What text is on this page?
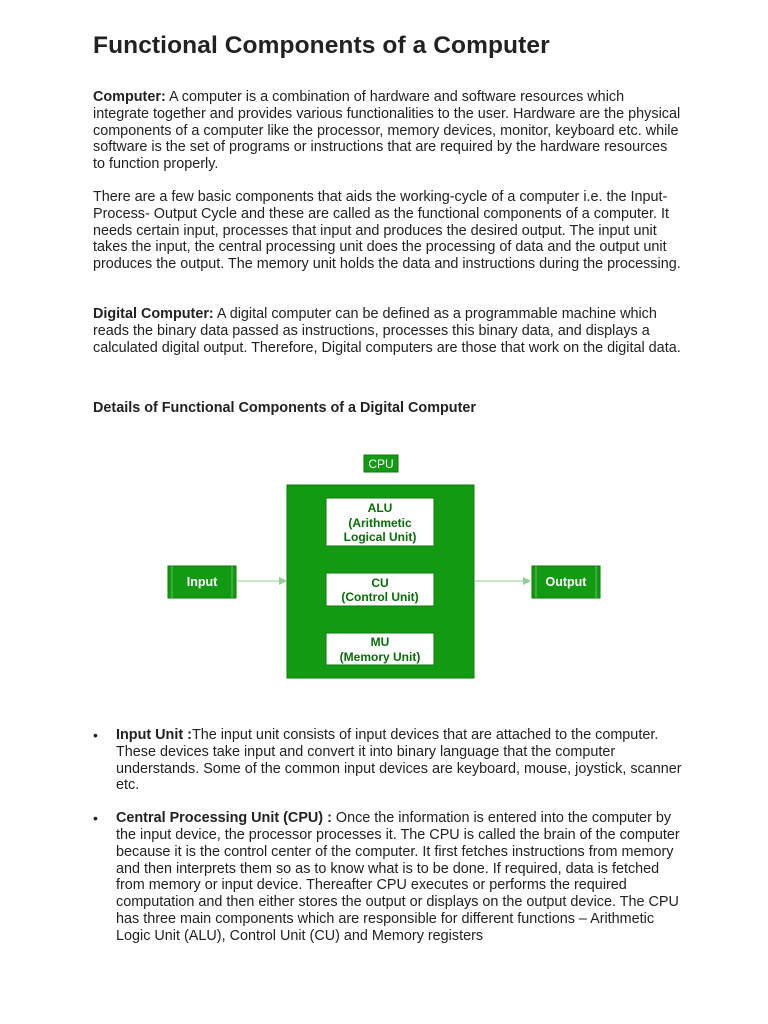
Functional Components of a Computer

Computer: A computer is a combination of hardware and software resources which integrate together and provides various functionalities to the user. Hardware are the physical components of a computer like the processor, memory devices, monitor, keyboard etc. while software is the set of programs or instructions that are required by the hardware resources to function properly.

There are a few basic components that aids the working-cycle of a computer i.e. the Input- Process- Output Cycle and these are called as the functional components of a computer. It needs certain input, processes that input and produces the desired output. The input unit takes the input, the central processing unit does the processing of data and the output unit produces the output. The memory unit holds the data and instructions during the processing.

Digital Computer: A digital computer can be defined as a programmable machine which reads the binary data passed as instructions, processes this binary data, and displays a calculated digital output. Therefore, Digital computers are those that work on the digital data.

Details of Functional Components of a Digital Computer
CPU
ALU
(Arithmetic
Logical Unit)
CU
(Control Unit)
MU
(Memory Unit)
Input	Output
• Input Unit :The input unit consists of input devices that are attached to the computer. These devices take input and convert it into binary language that the computer understands. Some of the common input devices are keyboard, mouse, joystick, scanner etc.
• Central Processing Unit (CPU) : Once the information is entered into the computer by the input device, the processor processes it. The CPU is called the brain of the computer because it is the control center of the computer. It first fetches instructions from memory and then interprets them so as to know what is to be done. If required, data is fetched from memory or input device. Thereafter CPU executes or performs the required computation and then either stores the output or displays on the output device. The CPU has three main components which are responsible for different functions – Arithmetic Logic Unit (ALU), Control Unit (CU) and Memory registers
